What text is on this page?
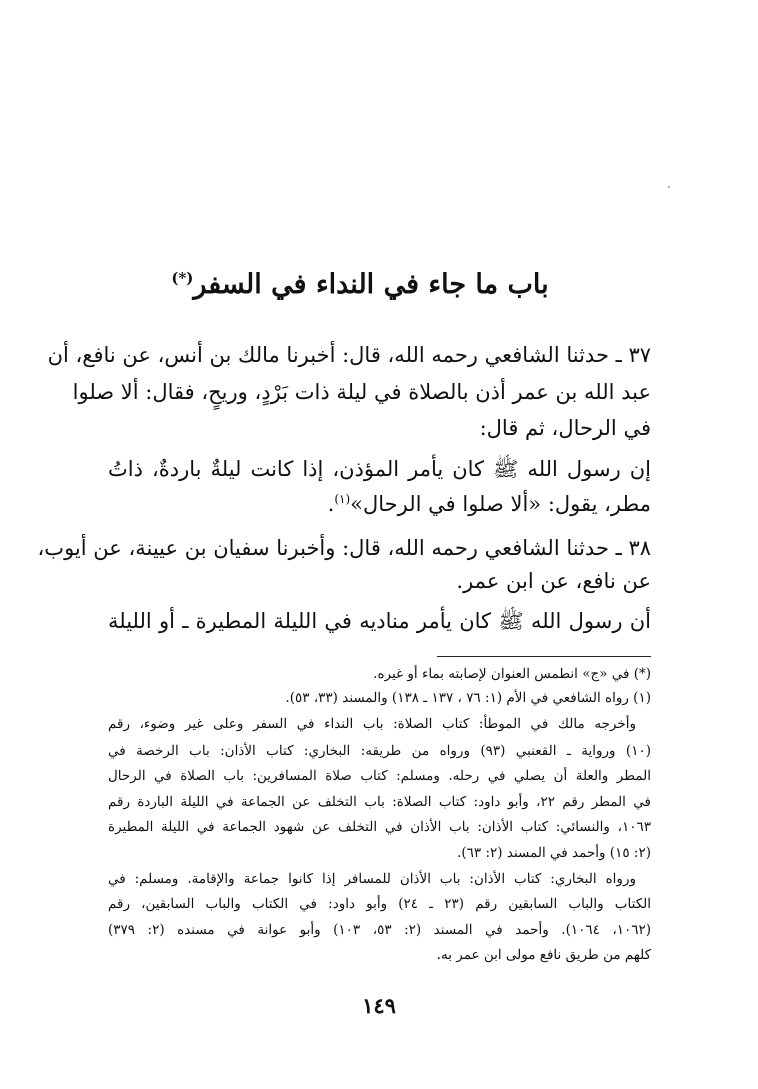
باب ما جاء في النداء في السفر(*)
٣٧ ـ حدثنا الشافعي رحمه الله، قال: أخبرنا مالك بن أنس، عن نافع، أن
عبد الله بن عمر أذن بالصلاة في ليلة ذات بَرْدٍ، وريحٍ، فقال: ألا صلوا
في الرحال، ثم قال:
إن رسول الله ﷺ كان يأمر المؤذن، إذا كانت ليلةٌ باردةٌ، ذاتُ
مطر، يقول: «ألا صلوا في الرحال»$^{(١)}$.
٣٨ ـ حدثنا الشافعي رحمه الله، قال: وأخبرنا سفيان بن عيينة، عن أيوب،
عن نافع، عن ابن عمر.
أن رسول الله ﷺ كان يأمر مناديه في الليلة المطيرة ـ أو الليلة
(*) في «ج» انطمس العنوان لإصابته بماء أو غيره.
(١) رواه الشافعي في الأم (١: ٧٦ ، ١٣٧ ـ ١٣٨) والمسند (٣٣، ٥٣).
وأخرجه مالك في الموطأ: كتاب الصلاة: باب النداء في السفر وعلى غير وضوء، رقم
(١٠) ورواية ـ القعنبي (٩٣) ورواه من طريقه: البخاري: كتاب الأذان: باب الرخصة في
المطر والعلة أن يصلي في رحله. ومسلم: كتاب صلاة المسافرين: باب الصلاة في الرحال
في المطر رقم ٢٢، وأبو داود: كتاب الصلاة: باب التخلف عن الجماعة في الليلة الباردة رقم
١٠٦٣، والنسائي: كتاب الأذان: باب الأذان في التخلف عن شهود الجماعة في الليلة المطيرة
(٢: ١٥) وأحمد في المسند (٢: ٦٣).
ورواه البخاري: كتاب الأذان: باب الأذان للمسافر إذا كانوا جماعة والإقامة. ومسلم: في
الكتاب والباب السابقين رقم (٢٣ ـ ٢٤) وأبو داود: في الكتاب والباب السابقين، رقم
(١٠٦٢، ١٠٦٤). وأحمد في المسند (٢: ٥٣، ١٠٣) وأبو عوانة في مسنده (٢: ٣٧٩)
كلهم من طريق نافع مولى ابن عمر به.
١٤٩
